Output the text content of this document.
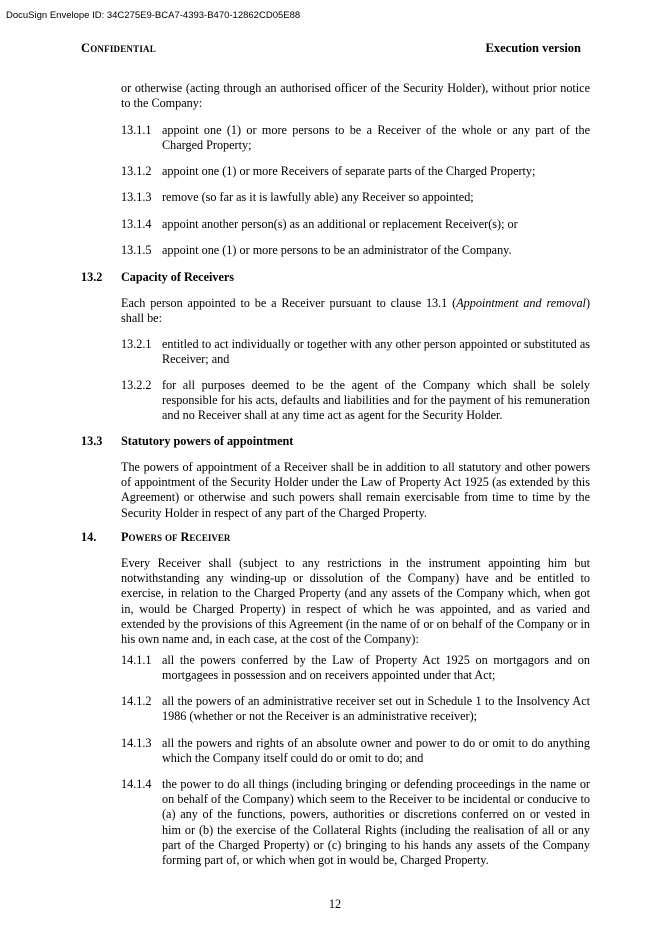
DocuSign Envelope ID: 34C275E9-BCA7-4393-B470-12862CD05E88
Confidential	Execution version
or otherwise (acting through an authorised officer of the Security Holder), without prior notice to the Company:
13.1.1 appoint one (1) or more persons to be a Receiver of the whole or any part of the Charged Property;
13.1.2 appoint one (1) or more Receivers of separate parts of the Charged Property;
13.1.3 remove (so far as it is lawfully able) any Receiver so appointed;
13.1.4 appoint another person(s) as an additional or replacement Receiver(s); or
13.1.5 appoint one (1) or more persons to be an administrator of the Company.
13.2 Capacity of Receivers
Each person appointed to be a Receiver pursuant to clause 13.1 (Appointment and removal) shall be:
13.2.1 entitled to act individually or together with any other person appointed or substituted as Receiver; and
13.2.2 for all purposes deemed to be the agent of the Company which shall be solely responsible for his acts, defaults and liabilities and for the payment of his remuneration and no Receiver shall at any time act as agent for the Security Holder.
13.3 Statutory powers of appointment
The powers of appointment of a Receiver shall be in addition to all statutory and other powers of appointment of the Security Holder under the Law of Property Act 1925 (as extended by this Agreement) or otherwise and such powers shall remain exercisable from time to time by the Security Holder in respect of any part of the Charged Property.
14. Powers of Receiver
Every Receiver shall (subject to any restrictions in the instrument appointing him but notwithstanding any winding-up or dissolution of the Company) have and be entitled to exercise, in relation to the Charged Property (and any assets of the Company which, when got in, would be Charged Property) in respect of which he was appointed, and as varied and extended by the provisions of this Agreement (in the name of or on behalf of the Company or in his own name and, in each case, at the cost of the Company):
14.1.1 all the powers conferred by the Law of Property Act 1925 on mortgagors and on mortgagees in possession and on receivers appointed under that Act;
14.1.2 all the powers of an administrative receiver set out in Schedule 1 to the Insolvency Act 1986 (whether or not the Receiver is an administrative receiver);
14.1.3 all the powers and rights of an absolute owner and power to do or omit to do anything which the Company itself could do or omit to do; and
14.1.4 the power to do all things (including bringing or defending proceedings in the name or on behalf of the Company) which seem to the Receiver to be incidental or conducive to (a) any of the functions, powers, authorities or discretions conferred on or vested in him or (b) the exercise of the Collateral Rights (including the realisation of all or any part of the Charged Property) or (c) bringing to his hands any assets of the Company forming part of, or which when got in would be, Charged Property.
12
